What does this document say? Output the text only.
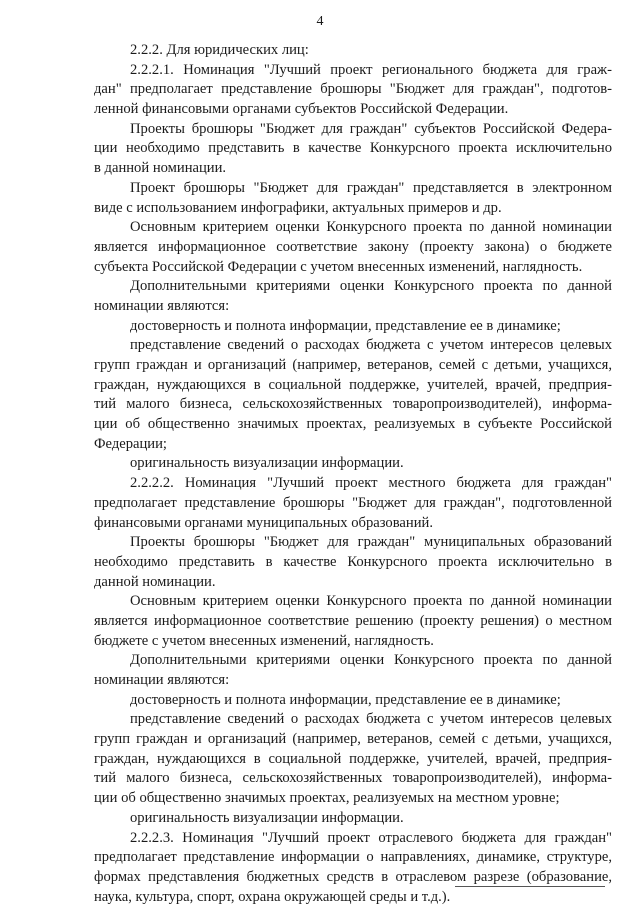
4
2.2.2. Для юридических лиц:
2.2.2.1. Номинация "Лучший проект регионального бюджета для граж-
дан" предполагает представление брошюры "Бюджет для граждан", подготов-
ленной финансовыми органами субъектов Российской Федерации.
Проекты брошюры "Бюджет для граждан" субъектов Российской Федера-
ции необходимо представить в качестве Конкурсного проекта исключительно
в данной номинации.
Проект брошюры "Бюджет для граждан" представляется в электронном
виде с использованием инфографики, актуальных примеров и др.
Основным критерием оценки Конкурсного проекта по данной номинации
является информационное соответствие закону (проекту закона) о бюджете
субъекта Российской Федерации с учетом внесенных изменений, наглядность.
Дополнительными критериями оценки Конкурсного проекта по данной
номинации являются:
достоверность и полнота информации, представление ее в динамике;
представление сведений о расходах бюджета с учетом интересов целевых
групп граждан и организаций (например, ветеранов, семей с детьми, учащихся,
граждан, нуждающихся в социальной поддержке, учителей, врачей, предприя-
тий малого бизнеса, сельскохозяйственных товаропроизводителей), информа-
ции об общественно значимых проектах, реализуемых в субъекте Российской
Федерации;
оригинальность визуализации информации.
2.2.2.2. Номинация "Лучший проект местного бюджета для граждан"
предполагает представление брошюры "Бюджет для граждан", подготовленной
финансовыми органами муниципальных образований.
Проекты брошюры "Бюджет для граждан" муниципальных образований
необходимо представить в качестве Конкурсного проекта исключительно в
данной номинации.
Основным критерием оценки Конкурсного проекта по данной номинации
является информационное соответствие решению (проекту решения) о местном
бюджете с учетом внесенных изменений, наглядность.
Дополнительными критериями оценки Конкурсного проекта по данной
номинации являются:
достоверность и полнота информации, представление ее в динамике;
представление сведений о расходах бюджета с учетом интересов целевых
групп граждан и организаций (например, ветеранов, семей с детьми, учащихся,
граждан, нуждающихся в социальной поддержке, учителей, врачей, предприя-
тий малого бизнеса, сельскохозяйственных товаропроизводителей), информа-
ции об общественно значимых проектах, реализуемых на местном уровне;
оригинальность визуализации информации.
2.2.2.3. Номинация "Лучший проект отраслевого бюджета для граждан"
предполагает представление информации о направлениях, динамике, структуре,
формах представления бюджетных средств в отраслевом разрезе (образование,
наука, культура, спорт, охрана окружающей среды и т.д.).
